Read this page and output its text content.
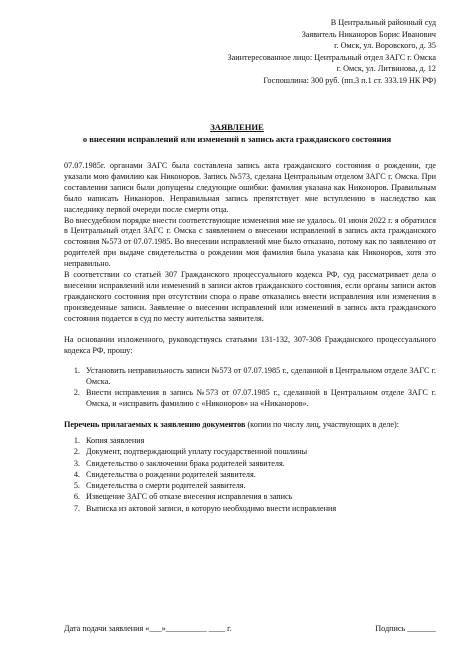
В Центральный районный суд
Заявитель Никаноров Борис Иванович
г. Омск, ул. Воровского, д. 35
Заинтересованное лицо: Центральный отдел ЗАГС г. Омска
г. Омск, ул. Литвинова, д. 12
Госпошлина: 300 руб. (пп.3 п.1 ст. 333.19 НК РФ)
ЗАЯВЛЕНИЕ
о внесении исправлений или изменений в запись акта гражданского состояния

07.07.1985г. органами ЗАГС была составлена запись акта гражданского состояния о рождении, где указали мою фамилию как Никоноров. Запись №573, сделана Центральным отделом ЗАГС г. Омска. При составлении записи были допущены следующие ошибки: фамилия указана как Никоноров. Правильным было написать Никаноров. Неправильная запись препятствует мне вступлению в наследство как наследнику первой очереди после смерти отца.

Во внесудебном порядке внести соответствующие изменения мне не удалось. 01 июня 2022 г. я обратился в Центральный отдел ЗАГС г. Омска с заявлением о внесении исправлений в запись акта гражданского состояния №573 от 07.07.1985. Во внесении исправлений мне было отказано, потому как по заявлению от родителей при выдаче свидетельства о рождении моя фамилия была указана как Никоноров, хотя это неправильно.

В соответствии со статьей 307 Гражданского процессуального кодекса РФ, суд рассматривает дела о внесении исправлений или изменений в записи актов гражданского состояния, если органы записи актов гражданского состояния при отсутствии спора о праве отказались внести исправления или изменения в произведенные записи. Заявление о внесении исправлений или изменений в запись акта гражданского состояния подается в суд по месту жительства заявителя.

На основании изложенного, руководствуясь статьями 131-132, 307-308 Гражданского процессуального кодекса РФ, прошу:

1. Установить неправильность записи №573 от 07.07.1985 г., сделанной в Центральном отделе ЗАГС г. Омска.
2. Внести исправления в запись №573 от 07.07.1985 г., сделанной в Центральном отделе ЗАГС г. Омска, и «исправить фамилию с «Никоноров» на «Никаноров».

Перечень прилагаемых к заявлению документов (копии по числу лиц, участвующих в деле):

1. Копия заявления
2. Документ, подтверждающий уплату государственной пошлины
3. Свидетельство о заключении брака родителей заявителя.
4. Свидетельства о рождении родителей заявителя.
5. Свидетельства о смерти родителей заявителя.
6. Извещение ЗАГС об отказе внесения исправления в запись
7. Выписка из актовой записи, в которую необходимо внести исправления
Дата подачи заявления «___»__________ ____ г.	Подпись _______
